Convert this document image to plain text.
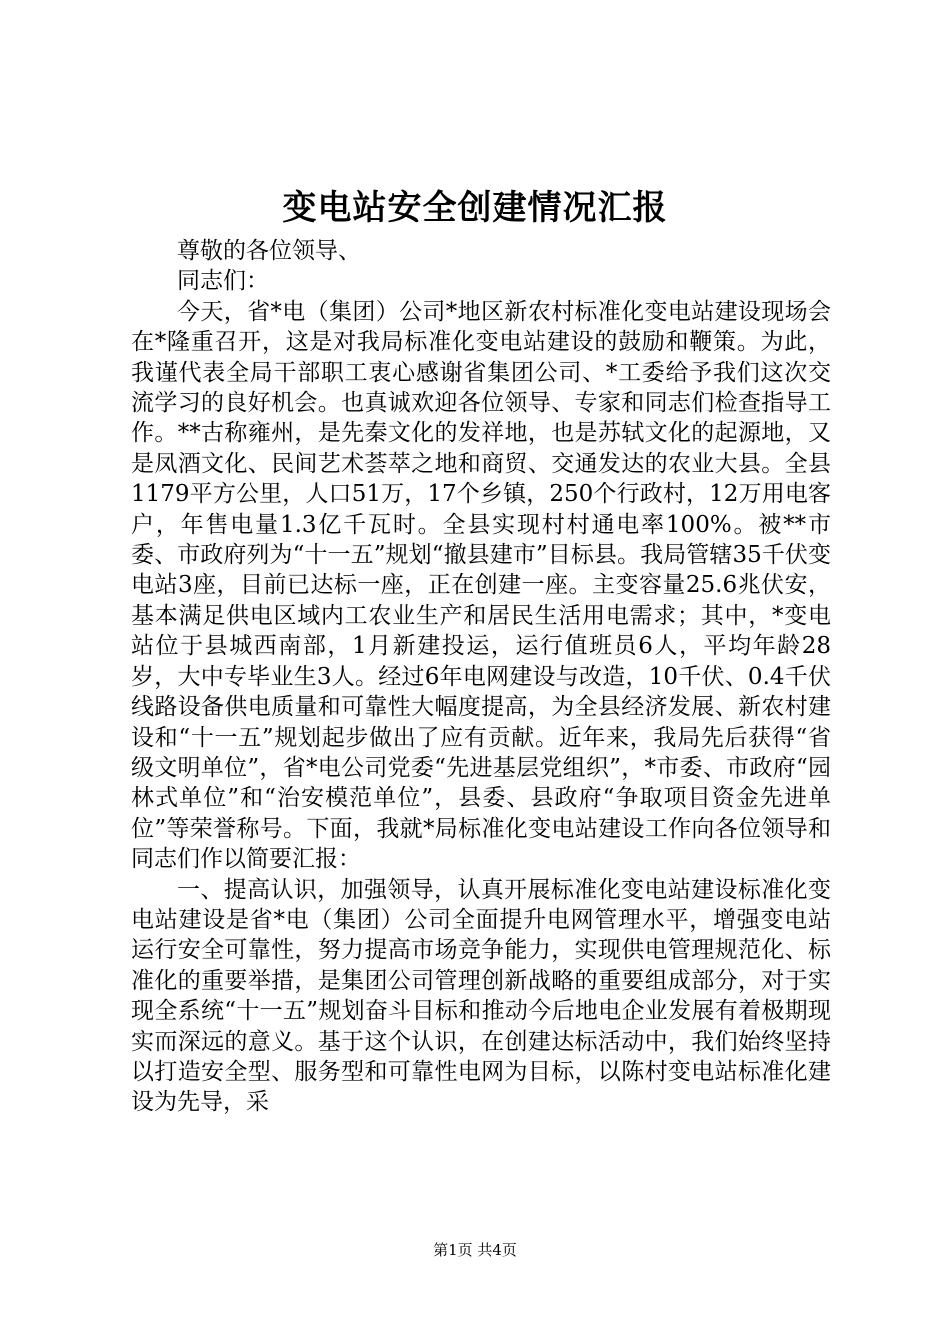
变电站安全创建情况汇报

尊敬的各位领导、

同志们：

今天，省*电（集团）公司*地区新农村标准化变电站建设现场会在*隆重召开，这是对我局标准化变电站建设的鼓励和鞭策。为此，我谨代表全局干部职工衷心感谢省集团公司、*工委给予我们这次交流学习的良好机会。也真诚欢迎各位领导、专家和同志们检查指导工作。**古称雍州，是先秦文化的发祥地，也是苏轼文化的起源地，又是凤酒文化、民间艺术荟萃之地和商贸、交通发达的农业大县。全县1179平方公里，人口51万，17个乡镇，250个行政村，12万用电客户，年售电量1.3亿千瓦时。全县实现村村通电率100%。被**市委、市政府列为“十一五”规划“撤县建市”目标县。我局管辖35千伏变电站3座，目前已达标一座，正在创建一座。主变容量25.6兆伏安，基本满足供电区域内工农业生产和居民生活用电需求；其中，*变电站位于县城西南部，1月新建投运，运行值班员6人，平均年龄28岁，大中专毕业生3人。经过6年电网建设与改造，10千伏、0.4千伏线路设备供电质量和可靠性大幅度提高，为全县经济发展、新农村建设和“十一五”规划起步做出了应有贡献。近年来，我局先后获得“省级文明单位”，省*电公司党委“先进基层党组织”，*市委、市政府“园林式单位”和“治安模范单位”，县委、县政府“争取项目资金先进单位”等荣誉称号。下面，我就*局标准化变电站建设工作向各位领导和同志们作以简要汇报：

一、提高认识，加强领导，认真开展标准化变电站建设标准化变电站建设是省*电（集团）公司全面提升电网管理水平，增强变电站运行安全可靠性，努力提高市场竞争能力，实现供电管理规范化、标准化的重要举措，是集团公司管理创新战略的重要组成部分，对于实现全系统“十一五”规划奋斗目标和推动今后地电企业发展有着极期现实而深远的意义。基于这个认识，在创建达标活动中，我们始终坚持以打造安全型、服务型和可靠性电网为目标，以陈村变电站标准化建设为先导，采

第1页 共4页
